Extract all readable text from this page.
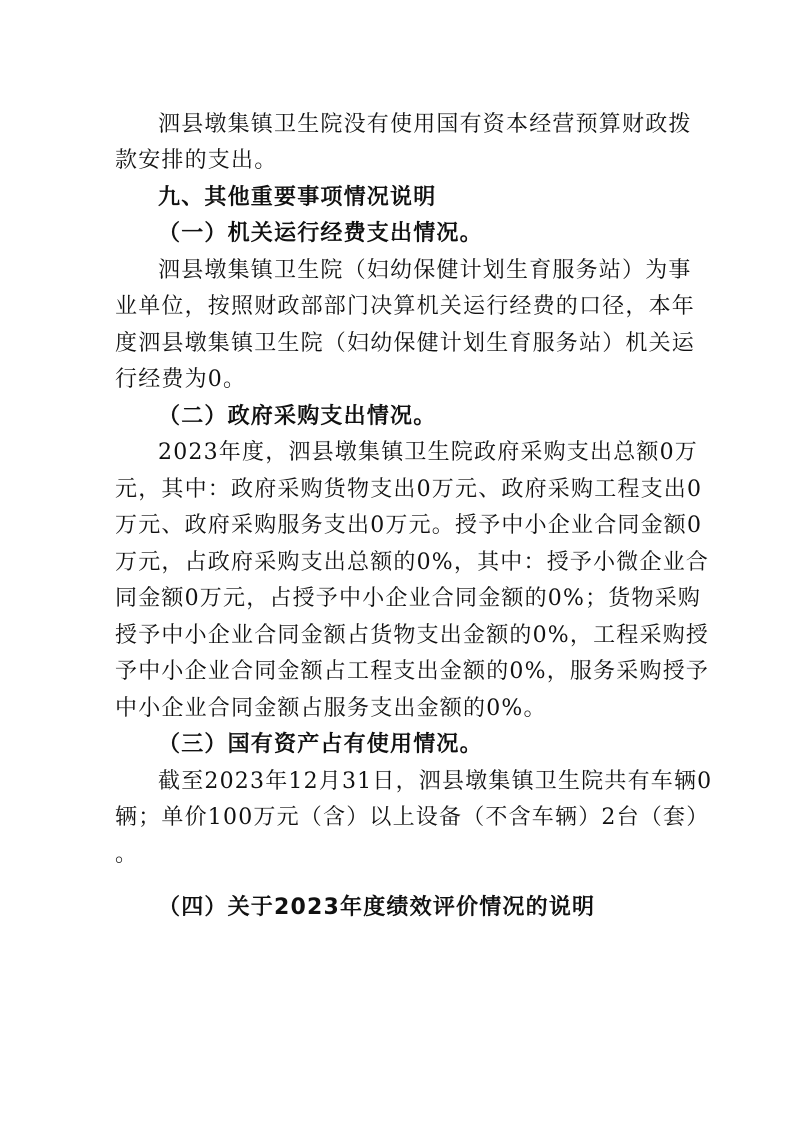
泗县墩集镇卫生院没有使用国有资本经营预算财政拨
款安排的支出。
九、其他重要事项情况说明
（一）机关运行经费支出情况。
泗县墩集镇卫生院（妇幼保健计划生育服务站）为事
业单位，按照财政部部门决算机关运行经费的口径，本年
度泗县墩集镇卫生院（妇幼保健计划生育服务站）机关运
行经费为0。
（二）政府采购支出情况。
2023年度，泗县墩集镇卫生院政府采购支出总额0万
元，其中：政府采购货物支出0万元、政府采购工程支出0
万元、政府采购服务支出0万元。授予中小企业合同金额0
万元，占政府采购支出总额的0%，其中：授予小微企业合
同金额0万元，占授予中小企业合同金额的0%；货物采购
授予中小企业合同金额占货物支出金额的0%，工程采购授
予中小企业合同金额占工程支出金额的0%，服务采购授予
中小企业合同金额占服务支出金额的0%。
（三）国有资产占有使用情况。
截至2023年12月31日，泗县墩集镇卫生院共有车辆0
辆；单价100万元（含）以上设备（不含车辆）2台（套）
。
（四）关于2023年度绩效评价情况的说明
